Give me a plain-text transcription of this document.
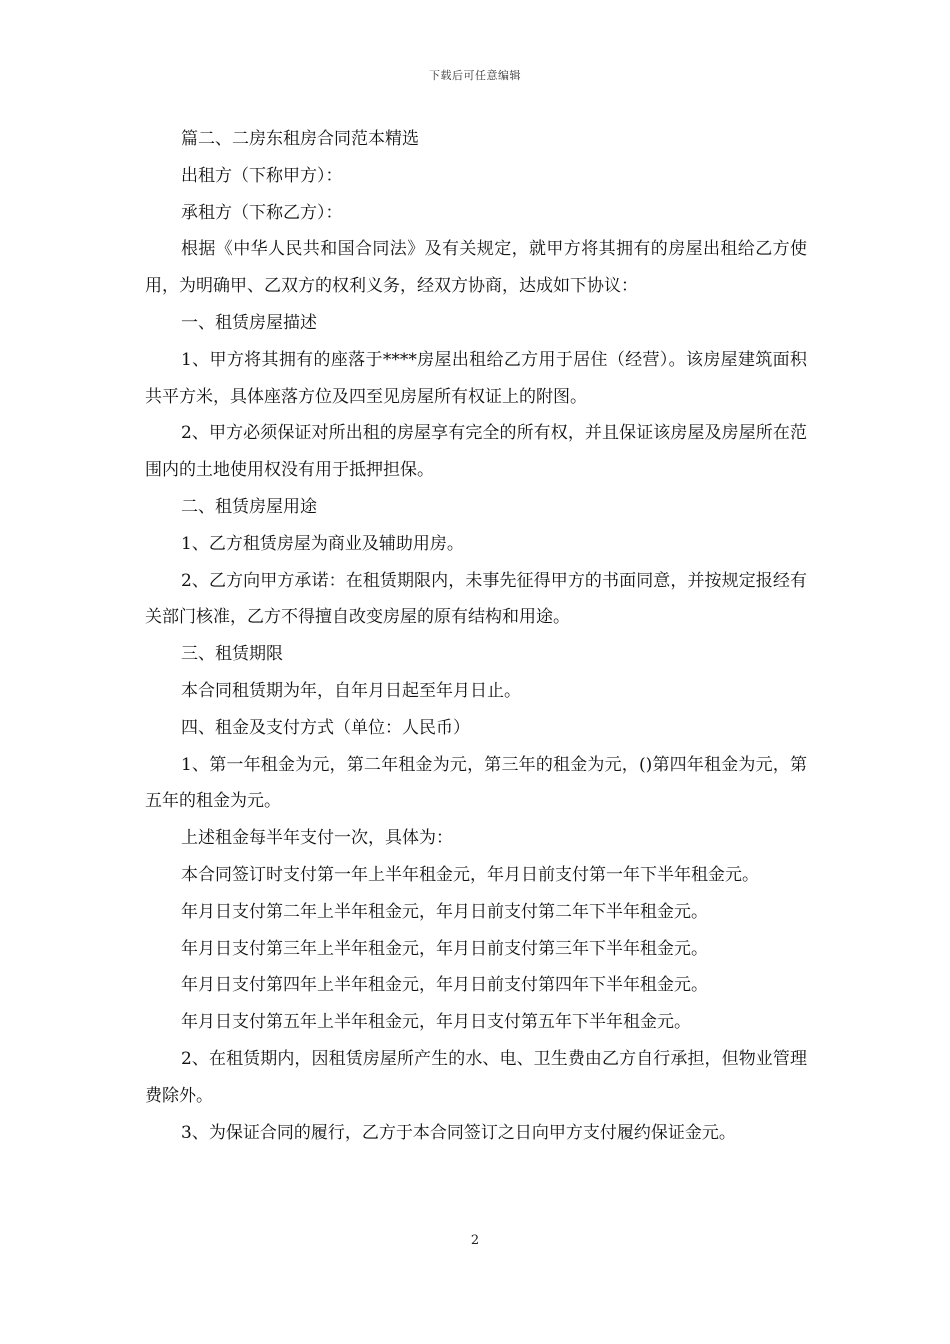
下载后可任意编辑

篇二、二房东租房合同范本精选

出租方（下称甲方）：

承租方（下称乙方）：

根据《中华人民共和国合同法》及有关规定，就甲方将其拥有的房屋出租给乙方使用，为明确甲、乙双方的权利义务，经双方协商，达成如下协议：

一、租赁房屋描述

1、甲方将其拥有的座落于****房屋出租给乙方用于居住（经营）。该房屋建筑面积共平方米，具体座落方位及四至见房屋所有权证上的附图。

2、甲方必须保证对所出租的房屋享有完全的所有权，并且保证该房屋及房屋所在范围内的土地使用权没有用于抵押担保。

二、租赁房屋用途

1、乙方租赁房屋为商业及辅助用房。

2、乙方向甲方承诺：在租赁期限内，未事先征得甲方的书面同意，并按规定报经有关部门核准，乙方不得擅自改变房屋的原有结构和用途。

三、租赁期限

本合同租赁期为年，自年月日起至年月日止。

四、租金及支付方式（单位：人民币）

1、第一年租金为元，第二年租金为元，第三年的租金为元，()第四年租金为元，第五年的租金为元。

上述租金每半年支付一次，具体为：

本合同签订时支付第一年上半年租金元，年月日前支付第一年下半年租金元。

年月日支付第二年上半年租金元，年月日前支付第二年下半年租金元。

年月日支付第三年上半年租金元，年月日前支付第三年下半年租金元。

年月日支付第四年上半年租金元，年月日前支付第四年下半年租金元。

年月日支付第五年上半年租金元，年月日支付第五年下半年租金元。

2、在租赁期内，因租赁房屋所产生的水、电、卫生费由乙方自行承担，但物业管理费除外。

3、为保证合同的履行，乙方于本合同签订之日向甲方支付履约保证金元。

2
